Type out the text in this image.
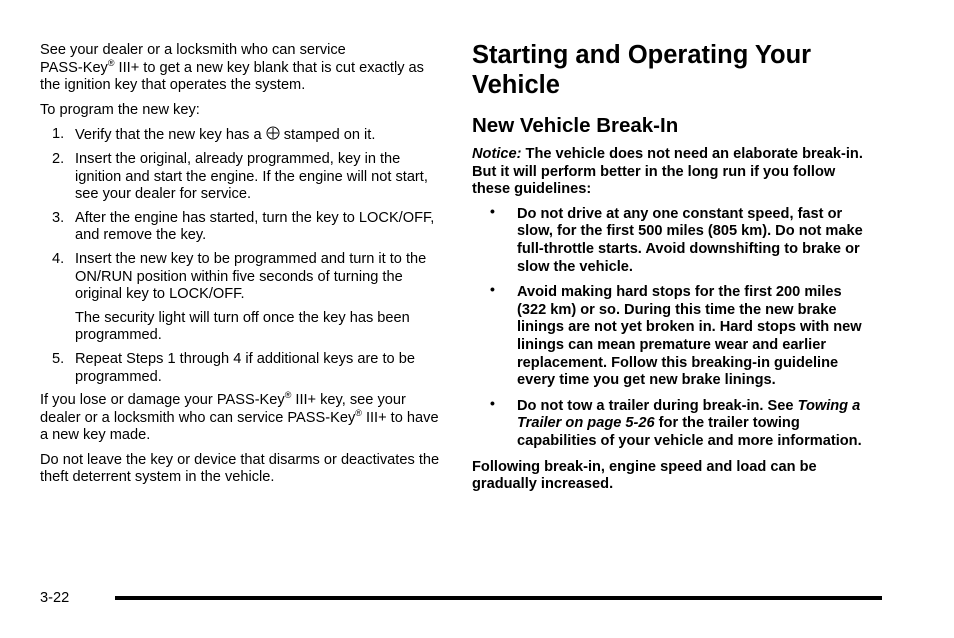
See your dealer or a locksmith who can service
PASS-Key® III+ to get a new key blank that is cut exactly as the ignition key that operates the system.

To program the new key:

1. Verify that the new key has a stamped on it.
2. Insert the original, already programmed, key in the ignition and start the engine. If the engine will not start, see your dealer for service.
3. After the engine has started, turn the key to LOCK/OFF, and remove the key.
4. Insert the new key to be programmed and turn it to the ON/RUN position within five seconds of turning the original key to LOCK/OFF.
The security light will turn off once the key has been programmed.
5. Repeat Steps 1 through 4 if additional keys are to be programmed.

If you lose or damage your PASS-Key® III+ key, see your dealer or a locksmith who can service PASS-Key® III+ to have a new key made.

Do not leave the key or device that disarms or deactivates the theft deterrent system in the vehicle.

Starting and Operating Your Vehicle
New Vehicle Break-In

Notice: The vehicle does not need an elaborate break-in. But it will perform better in the long run if you follow these guidelines:

• Do not drive at any one constant speed, fast or slow, for the first 500 miles (805 km). Do not make full-throttle starts. Avoid downshifting to brake or slow the vehicle.
• Avoid making hard stops for the first 200 miles (322 km) or so. During this time the new brake linings are not yet broken in. Hard stops with new linings can mean premature wear and earlier replacement. Follow this breaking-in guideline every time you get new brake linings.
• Do not tow a trailer during break-in. See Towing a Trailer on page 5-26 for the trailer towing capabilities of your vehicle and more information.

Following break-in, engine speed and load can be gradually increased.

3-22
